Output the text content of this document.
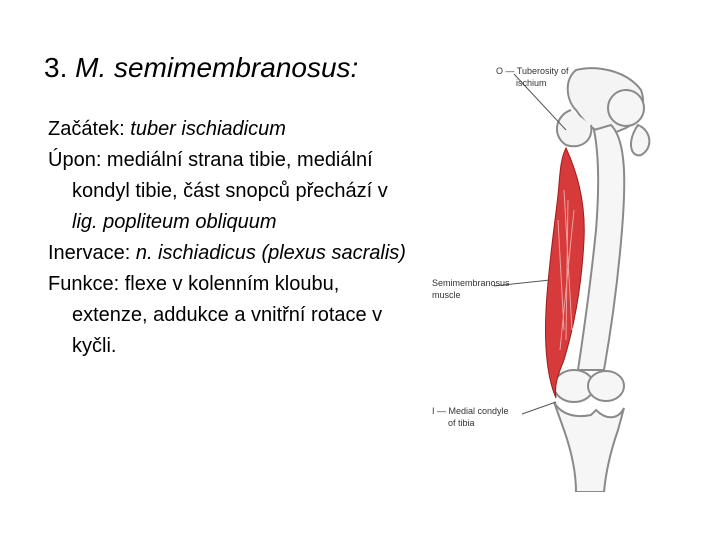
3. M. semimembranosus:

Začátek: tuber ischiadicum

Úpon: mediální strana tibie, mediální kondyl tibie, část snopců přechází v lig. popliteum obliquum

Inervace: n. ischiadicus (plexus sacralis)

Funkce: flexe v kolenním kloubu, extenze, addukce a vnitřní rotace v kyčli.

O — Tuberosity of
ischium
Semimembranosus
muscle
I — Medial condyle
of tibia
